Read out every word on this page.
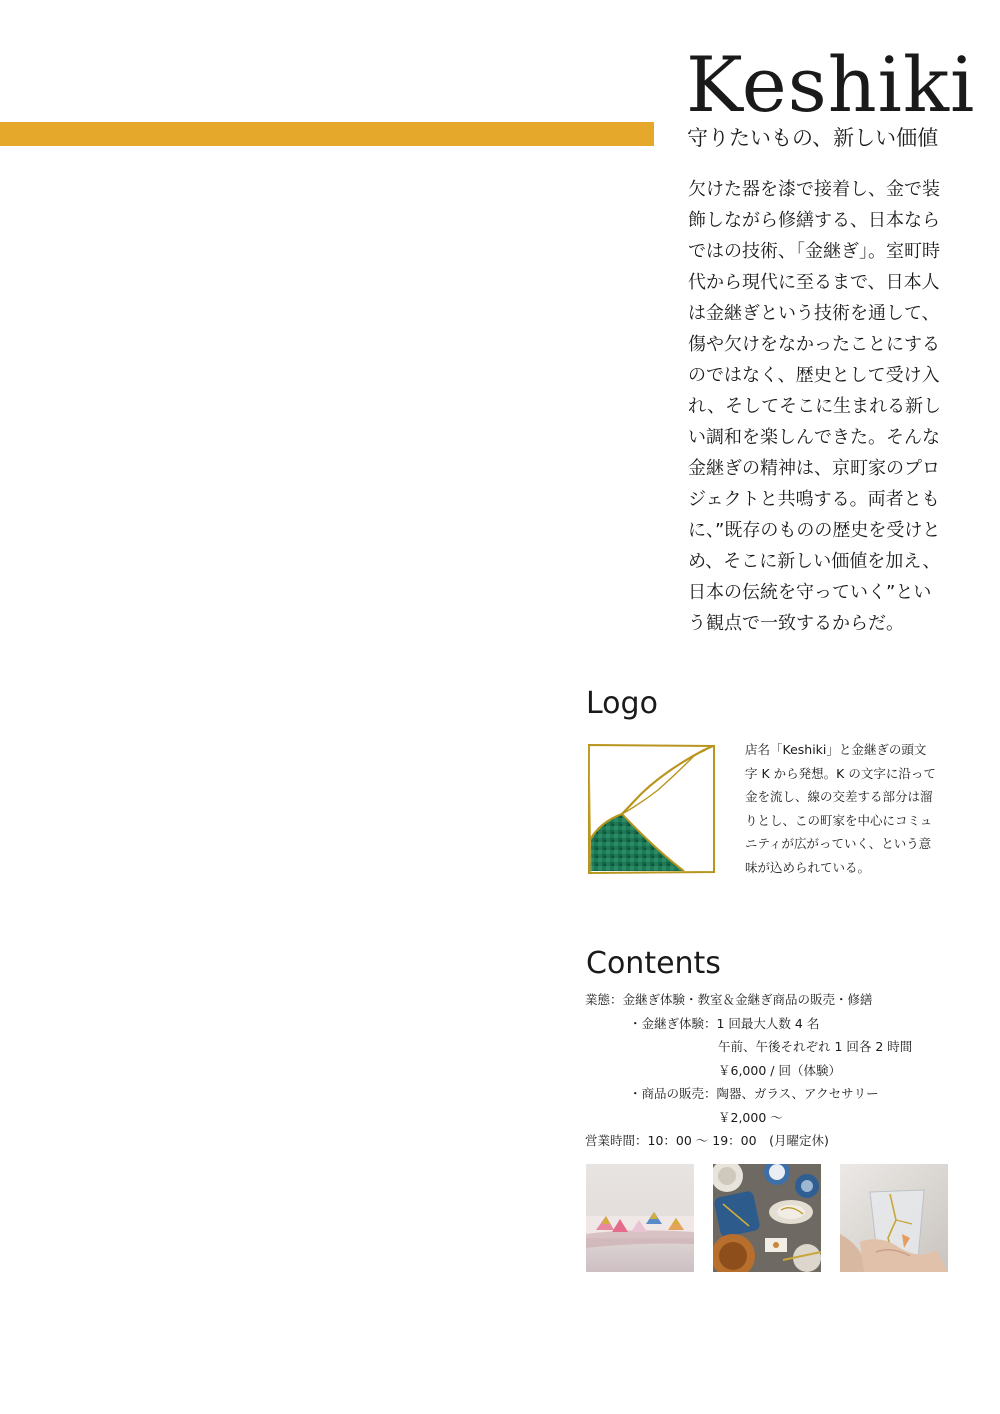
Keshiki
守りたいもの、新しい価値

欠けた器を漆で接着し、金で装
飾しながら修繕する、日本なら
ではの技術、「金継ぎ」。室町時
代から現代に至るまで、日本人
は金継ぎという技術を通して、
傷や欠けをなかったことにする
のではなく、歴史として受け入
れ、そしてそこに生まれる新し
い調和を楽しんできた。そんな
金継ぎの精神は、京町家のプロ
ジェクトと共鳴する。両者とも
に、”既存のものの歴史を受けと
め、そこに新しい価値を加え、
日本の伝統を守っていく”とい
う観点で一致するからだ。

Logo

店名「Keshiki」と金継ぎの頭文
字 K から発想。K の文字に沿って
金を流し、線の交差する部分は溜
りとし、この町家を中心にコミュ
ニティが広がっていく、という意
味が込められている。

Contents
業態：金継ぎ体験・教室＆金継ぎ商品の販売・修繕
・金継ぎ体験：1 回最大人数 4 名
午前、午後それぞれ 1 回各 2 時間
￥6,000 / 回（体験）
・商品の販売：陶器、ガラス、アクセサリー
￥2,000 ～
営業時間：10：00 ～ 19：00　(月曜定休)
